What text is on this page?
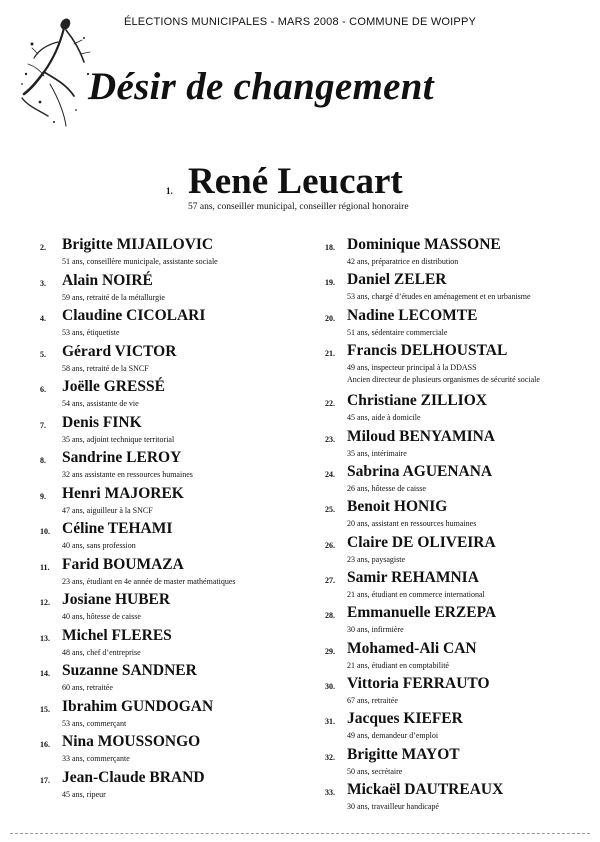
ÉLECTIONS MUNICIPALES - MARS 2008 - COMMUNE DE WOIPPY
Désir de changement
1. René Leucart
57 ans, conseiller municipal, conseiller régional honoraire
2. Brigitte MIJAILOVIC
51 ans, conseillère municipale, assistante sociale
3. Alain NOIRÉ
59 ans, retraité de la métallurgie
4. Claudine CICOLARI
53 ans, étiquetiste
5. Gérard VICTOR
58 ans, retraité de la SNCF
6. Joëlle GRESSÉ
54 ans, assistante de vie
7. Denis FINK
35 ans, adjoint technique territorial
8. Sandrine LEROY
32 ans assistante en ressources humaines
9. Henri MAJOREK
47 ans, aiguilleur à la SNCF
10. Céline TEHAMI
40 ans, sans profession
11. Farid BOUMAZA
23 ans, étudiant en 4e année de master mathématiques
12. Josiane HUBER
40 ans, hôtesse de caisse
13. Michel FLERES
48 ans, chef d’entreprise
14. Suzanne SANDNER
60 ans, retraitée
15. Ibrahim GUNDOGAN
53 ans, commerçant
16. Nina MOUSSONGO
33 ans, commerçante
17. Jean-Claude BRAND
45 ans, ripeur
18. Dominique MASSONE
42 ans, préparatrice en distribution
19. Daniel ZELER
53 ans, chargé d’études en aménagement et en urbanisme
20. Nadine LECOMTE
51 ans, sédentaire commerciale
21. Francis DELHOUSTAL
49 ans, inspecteur principal à la DDASS
Ancien directeur de plusieurs organismes de sécurité sociale
22. Christiane ZILLIOX
45 ans, aide à domicile
23. Miloud BENYAMINA
35 ans, intérimaire
24. Sabrina AGUENANA
26 ans, hôtesse de caisse
25. Benoit HONIG
20 ans, assistant en ressources humaines
26. Claire DE OLIVEIRA
23 ans, paysagiste
27. Samir REHAMNIA
21 ans, étudiant en commerce international
28. Emmanuelle ERZEPA
30 ans, infirmière
29. Mohamed-Ali CAN
21 ans, étudiant en comptabilité
30. Vittoria FERRAUTO
67 ans, retraitée
31. Jacques KIEFER
49 ans, demandeur d’emploi
32. Brigitte MAYOT
50 ans, secrétaire
33. Mickaël DAUTREAUX
30 ans, travailleur handicapé
